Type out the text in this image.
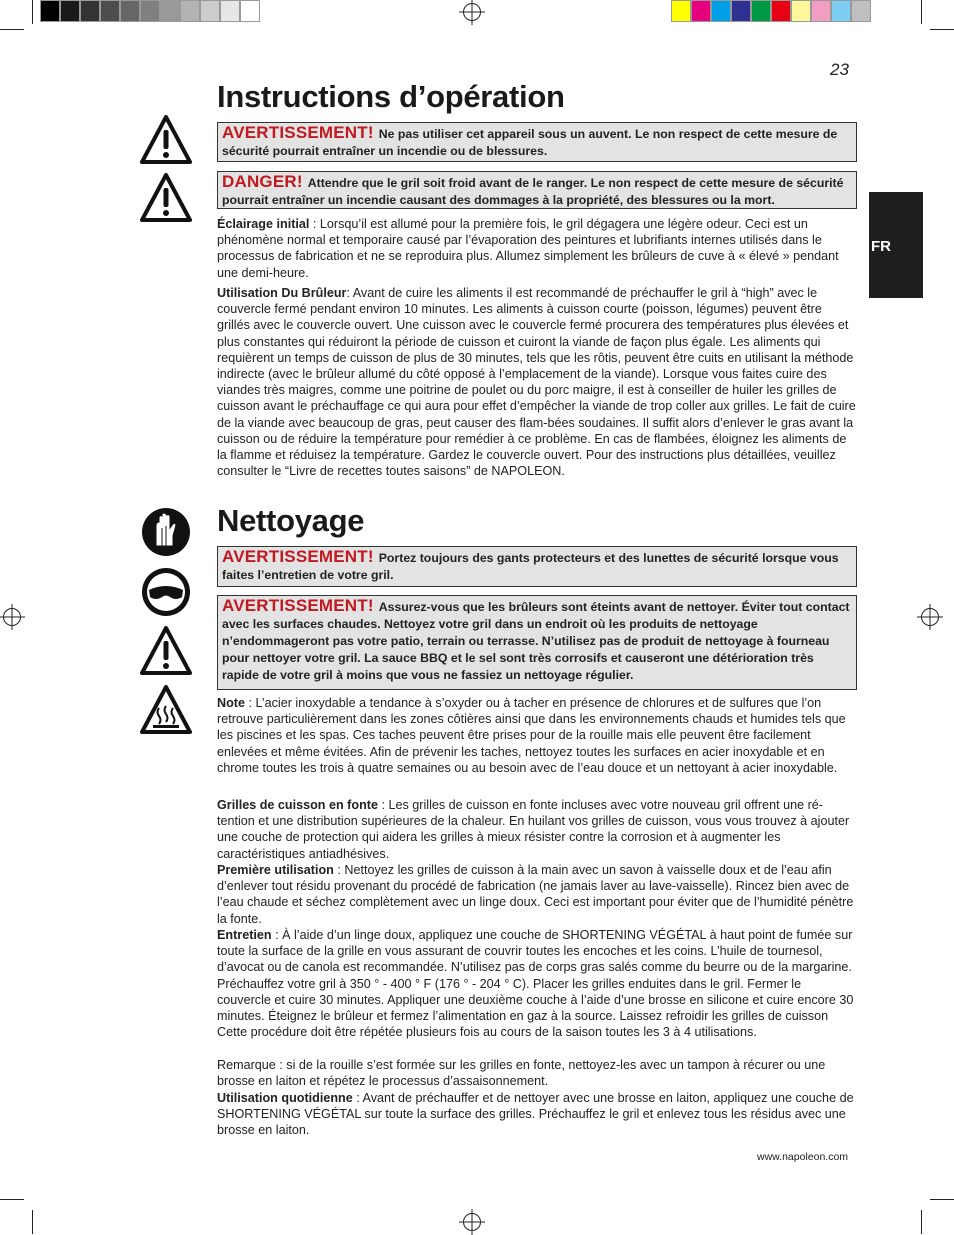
23
FR
Instructions d’opération
AVERTISSEMENT! Ne pas utiliser cet appareil sous un auvent. Le non respect de cette mesure de sécurité pourrait entraîner un incendie ou de blessures.
DANGER! Attendre que le gril soit froid avant de le ranger. Le non respect de cette mesure de sécurité pourrait entraîner un incendie causant des dommages à la propriété, des blessures ou la mort.

Éclairage initial : Lorsqu’il est allumé pour la première fois, le gril dégagera une légère odeur. Ceci est un phénomène normal et temporaire causé par l’évaporation des peintures et lubrifiants internes utilisés dans le processus de fabrication et ne se reproduira plus. Allumez simplement les brûleurs de cuve à « élevé » pendant une demi-heure.

Utilisation Du Brûleur: Avant de cuire les aliments il est recommandé de préchauffer le gril à “high” avec le couvercle fermé pendant environ 10 minutes. Les aliments à cuisson courte (poisson, légumes) peuvent être grillés avec le couvercle ouvert. Une cuisson avec le couvercle fermé procurera des températures plus élevées et plus constantes qui réduiront la période de cuisson et cuiront la viande de façon plus égale. Les aliments qui requièrent un temps de cuisson de plus de 30 minutes, tels que les rôtis, peuvent être cuits en utilisant la méthode indirecte (avec le brûleur allumé du côté opposé à l’emplacement de la viande). Lorsque vous faites cuire des viandes très maigres, comme une poitrine de poulet ou du porc maigre, il est à conseiller de huiler les grilles de cuisson avant le préchauffage ce qui aura pour effet d’empêcher la viande de trop coller aux grilles. Le fait de cuire de la viande avec beaucoup de gras, peut causer des flam-bées soudaines. Il suffit alors d’enlever le gras avant la cuisson ou de réduire la température pour remédier à ce problème. En cas de flambées, éloignez les aliments de la flamme et réduisez la température. Gardez le couvercle ouvert. Pour des instructions plus détaillées, veuillez consulter le “Livre de recettes toutes saisons” de NAPOLEON.

Nettoyage
AVERTISSEMENT! Portez toujours des gants protecteurs et des lunettes de sécurité lorsque vous faites l’entretien de votre gril.
AVERTISSEMENT! Assurez-vous que les brûleurs sont éteints avant de nettoyer. Éviter tout contact avec les surfaces chaudes. Nettoyez votre gril dans un endroit où les produits de nettoyage n’endommageront pas votre patio, terrain ou terrasse. N’utilisez pas de produit de nettoyage à fourneau pour nettoyer votre gril. La sauce BBQ et le sel sont très corrosifs et causeront une détérioration très rapide de votre gril à moins que vous ne fassiez un nettoyage régulier.

Note : L’acier inoxydable a tendance à s’oxyder ou à tacher en présence de chlorures et de sulfures que l’on retrouve particulièrement dans les zones côtières ainsi que dans les environnements chauds et humides tels que les piscines et les spas. Ces taches peuvent être prises pour de la rouille mais elle peuvent être facilement enlevées et même évitées. Afin de prévenir les taches, nettoyez toutes les surfaces en acier inoxydable et en chrome toutes les trois à quatre semaines ou au besoin avec de l’eau douce et un nettoyant à acier inoxydable.

Grilles de cuisson en fonte : Les grilles de cuisson en fonte incluses avec votre nouveau gril offrent une ré-tention et une distribution supérieures de la chaleur. En huilant vos grilles de cuisson, vous vous trouvez à ajouter une couche de protection qui aidera les grilles à mieux résister contre la corrosion et à augmenter les caractéristiques antiadhésives.

Première utilisation : Nettoyez les grilles de cuisson à la main avec un savon à vaisselle doux et de l’eau afin d’enlever tout résidu provenant du procédé de fabrication (ne jamais laver au lave-vaisselle). Rincez bien avec de l’eau chaude et séchez complètement avec un linge doux. Ceci est important pour éviter que de l’humidité pénètre la fonte.

Entretien : À l’aide d’un linge doux, appliquez une couche de SHORTENING VÉGÉTAL à haut point de fumée sur toute la surface de la grille en vous assurant de couvrir toutes les encoches et les coins. L’huile de tournesol, d’avocat ou de canola est recommandée. N’utilisez pas de corps gras salés comme du beurre ou de la margarine. Préchauffez votre gril à 350 ° - 400 ° F (176 ° - 204 ° C). Placer les grilles enduites dans le gril. Fermer le couvercle et cuire 30 minutes. Appliquer une deuxième couche à l’aide d’une brosse en silicone et cuire encore 30 minutes. Éteignez le brûleur et fermez l’alimentation en gaz à la source. Laissez refroidir les grilles de cuisson Cette procédure doit être répétée plusieurs fois au cours de la saison toutes les 3 à 4 utilisations.

Remarque : si de la rouille s’est formée sur les grilles en fonte, nettoyez-les avec un tampon à récurer ou une brosse en laiton et répétez le processus d’assaisonnement.

Utilisation quotidienne : Avant de préchauffer et de nettoyer avec une brosse en laiton, appliquez une couche de SHORTENING VÉGÉTAL sur toute la surface des grilles. Préchauffez le gril et enlevez tous les résidus avec une brosse en laiton.

www.napoleon.com
